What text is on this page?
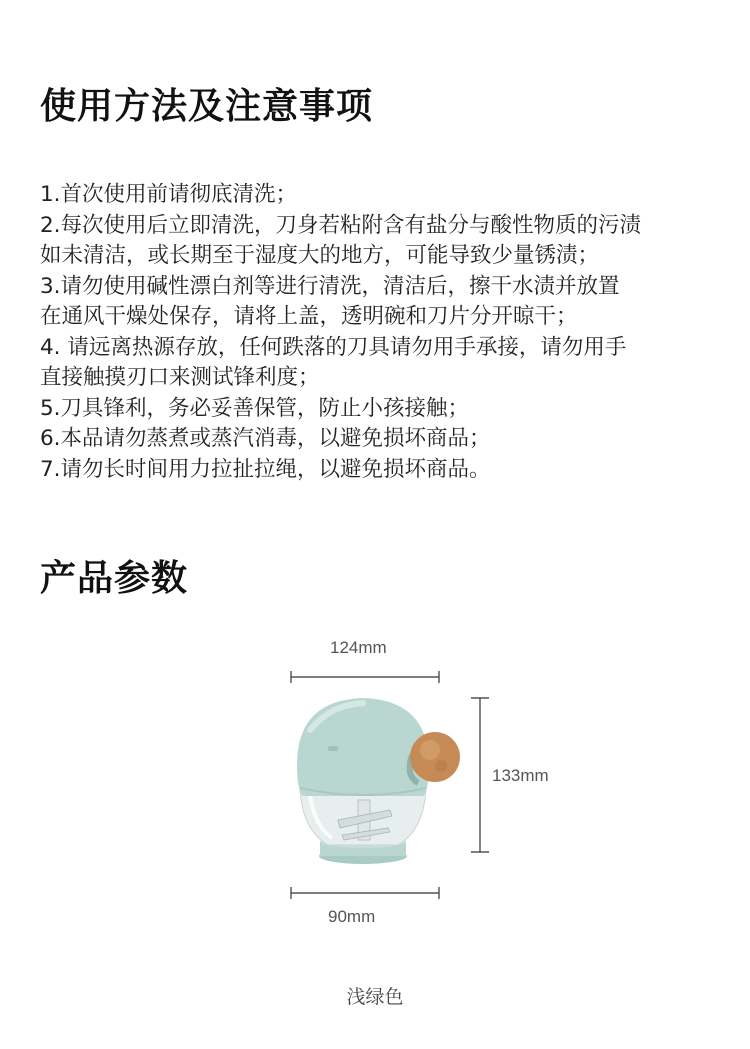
使用方法及注意事项
1.首次使用前请彻底清洗；
2.每次使用后立即清洗，刀身若粘附含有盐分与酸性物质的污渍
如未清洁，或长期至于湿度大的地方，可能导致少量锈渍；
3.请勿使用碱性漂白剂等进行清洗，清洁后，擦干水渍并放置
在通风干燥处保存，请将上盖，透明碗和刀片分开晾干；
4. 请远离热源存放，任何跌落的刀具请勿用手承接，请勿用手
直接触摸刃口来测试锋利度；
5.刀具锋利，务必妥善保管，防止小孩接触；
6.本品请勿蒸煮或蒸汽消毒，以避免损坏商品；
7.请勿长时间用力拉扯拉绳，以避免损坏商品。
产品参数
124mm
133mm
90mm
浅绿色
